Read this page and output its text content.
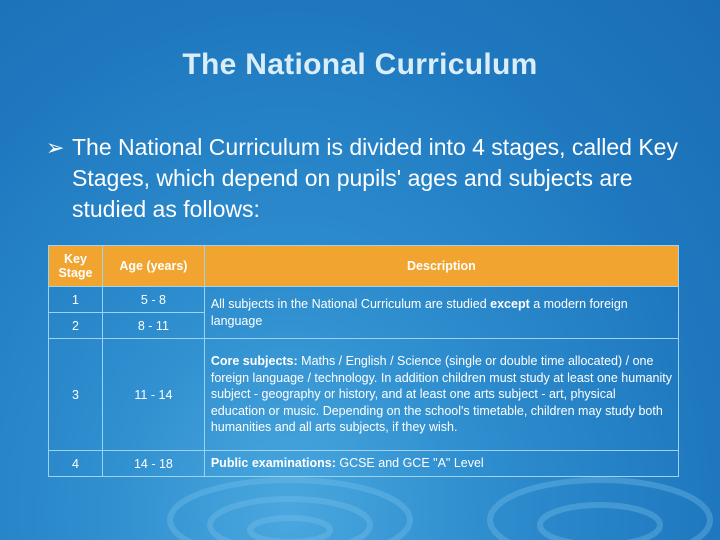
The National Curriculum
➢ The National Curriculum is divided into 4 stages, called Key Stages, which depend on pupils' ages and subjects are studied as follows:
Key Stage	Age (years)	Description
1	5 - 8	All subjects in the National Curriculum are studied except a modern foreign language
2	8 - 11	
3	11 - 14	Core subjects: Maths / English / Science (single or double time allocated) / one foreign language / technology. In addition children must study at least one humanity subject - geography or history, and at least one arts subject - art, physical education or music. Depending on the school's timetable, children may study both humanities and all arts subjects, if they wish.
4	14 - 18	Public examinations: GCSE and GCE "A" Level
